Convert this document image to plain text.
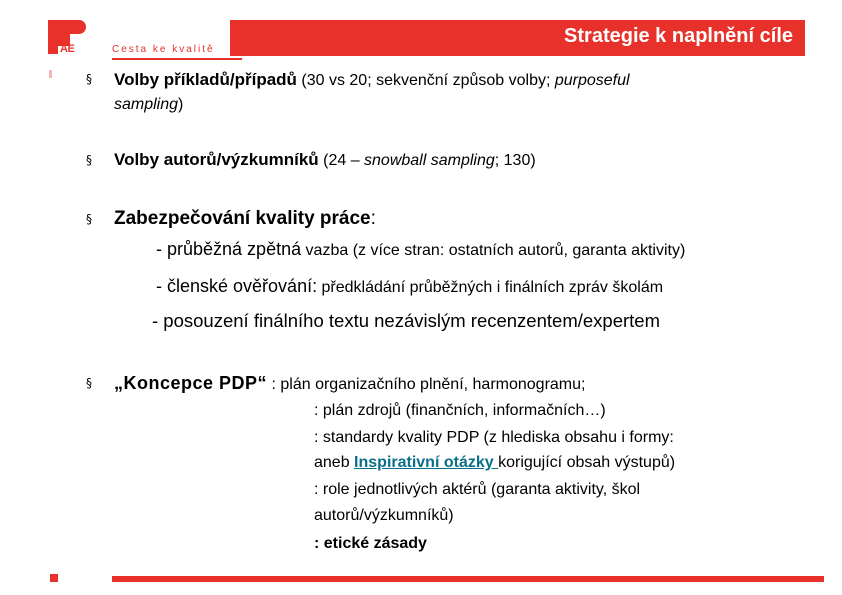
AE	Cesta ke kvalitě
Strategie k naplnění cíle
§ Volby příkladů/případů (30 vs 20; sekvenční způsob volby; purposeful
sampling)
§ Volby autorů/výzkumníků (24 – snowball sampling; 130)
§ Zabezpečování kvality práce:
- průběžná zpětná vazba (z více stran: ostatních autorů, garanta aktivity)
- členské ověřování: předkládání průběžných i finálních zpráv školám
- posouzení finálního textu nezávislým recenzentem/expertem
§ „Koncepce PDP“ : plán organizačního plnění, harmonogramu;
: plán zdrojů (finančních, informačních…)
: standardy kvality PDP (z hlediska obsahu i formy:
aneb Inspirativní otázky korigující obsah výstupů)
: role jednotlivých aktérů (garanta aktivity, škol
autorů/výzkumníků)
: etické zásady
